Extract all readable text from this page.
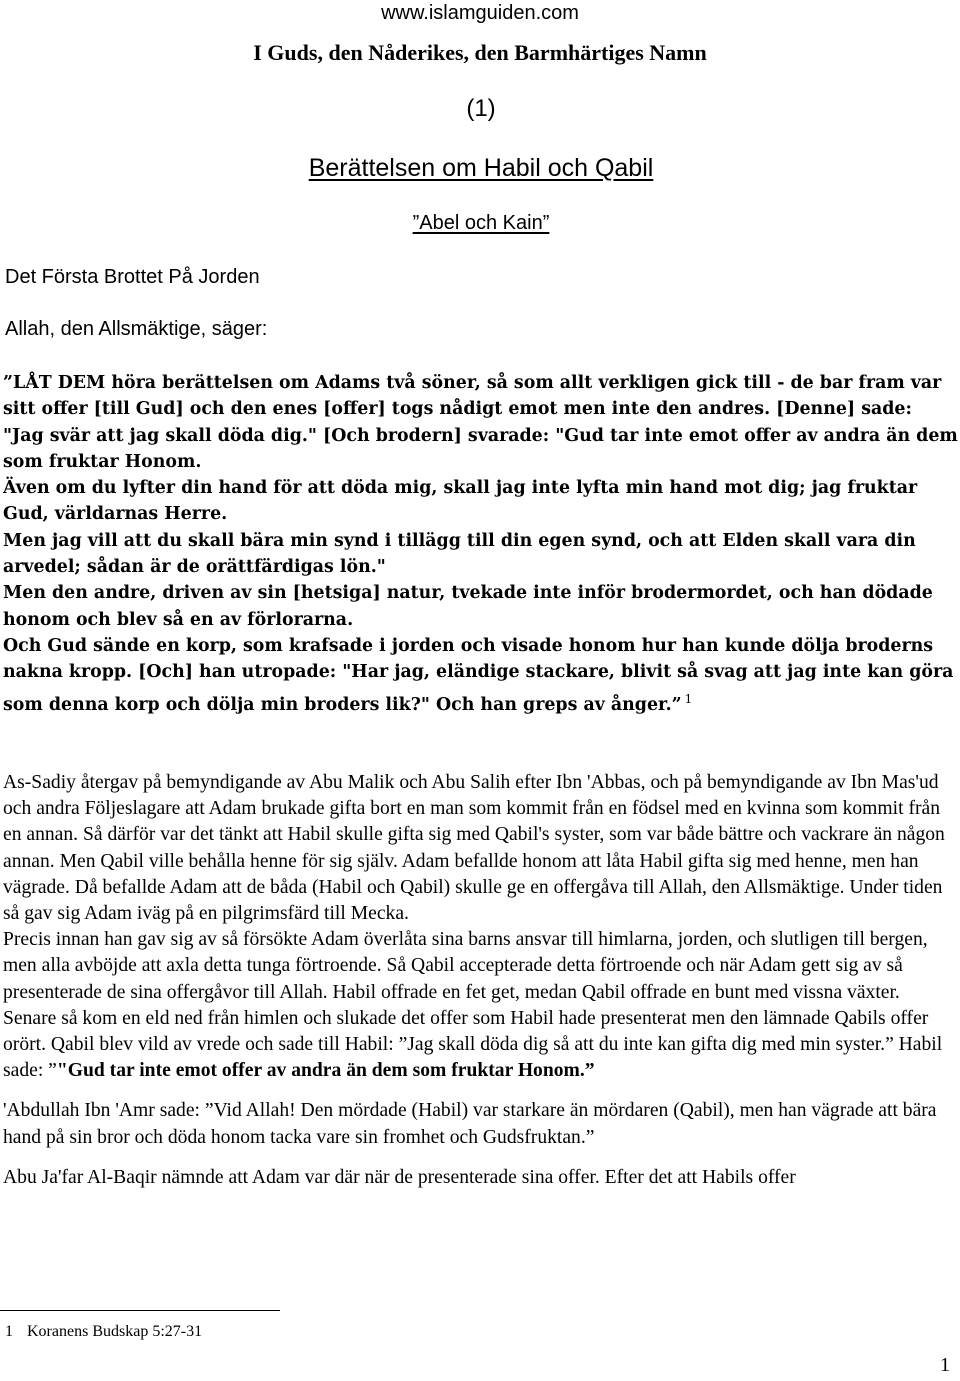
www.islamguiden.com
I Guds, den Nåderikes, den Barmhärtiges Namn
(1)
Berättelsen om Habil och Qabil
”Abel och Kain”
Det Första Brottet På Jorden
Allah, den Allsmäktige, säger:

”LÅT DEM höra berättelsen om Adams två söner, så som allt verkligen gick till - de bar fram var sitt offer [till Gud] och den enes [offer] togs nådigt emot men inte den andres. [Denne] sade: "Jag svär att jag skall döda dig." [Och brodern] svarade: "Gud tar inte emot offer av andra än dem som fruktar Honom.

Även om du lyfter din hand för att döda mig, skall jag inte lyfta min hand mot dig; jag fruktar Gud, världarnas Herre.

Men jag vill att du skall bära min synd i tillägg till din egen synd, och att Elden skall vara din arvedel; sådan är de orättfärdigas lön."

Men den andre, driven av sin [hetsiga] natur, tvekade inte inför brodermordet, och han dödade honom och blev så en av förlorarna.

Och Gud sände en korp, som krafsade i jorden och visade honom hur han kunde dölja broderns nakna kropp. [Och] han utropade: "Har jag, eländige stackare, blivit så svag att jag inte kan göra som denna korp och dölja min broders lik?" Och han greps av ånger.” $^1$

As-Sadiy återgav på bemyndigande av Abu Malik och Abu Salih efter Ibn 'Abbas, och på bemyndigande av Ibn Mas'ud och andra Följeslagare att Adam brukade gifta bort en man som kommit från en födsel med en kvinna som kommit från en annan. Så därför var det tänkt att Habil skulle gifta sig med Qabil's syster, som var både bättre och vackrare än någon annan. Men Qabil ville behålla henne för sig själv. Adam befallde honom att låta Habil gifta sig med henne, men han vägrade. Då befallde Adam att de båda (Habil och Qabil) skulle ge en offergåva till Allah, den Allsmäktige. Under tiden så gav sig Adam iväg på en pilgrimsfärd till Mecka.

Precis innan han gav sig av så försökte Adam överlåta sina barns ansvar till himlarna, jorden, och slutligen till bergen, men alla avböjde att axla detta tunga förtroende. Så Qabil accepterade detta förtroende och när Adam gett sig av så presenterade de sina offergåvor till Allah. Habil offrade en fet get, medan Qabil offrade en bunt med vissna växter. Senare så kom en eld ned från himlen och slukade det offer som Habil hade presenterat men den lämnade Qabils offer orört. Qabil blev vild av vrede och sade till Habil: ”Jag skall döda dig så att du inte kan gifta dig med min syster.” Habil sade: ”"Gud tar inte emot offer av andra än dem som fruktar Honom.”

'Abdullah Ibn 'Amr sade: ”Vid Allah! Den mördade (Habil) var starkare än mördaren (Qabil), men han vägrade att bära hand på sin bror och döda honom tacka vare sin fromhet och Gudsfruktan.”

Abu Ja'far Al-Baqir nämnde att Adam var där när de presenterade sina offer. Efter det att Habils offer

1 Koranens Budskap 5:27-31
1
